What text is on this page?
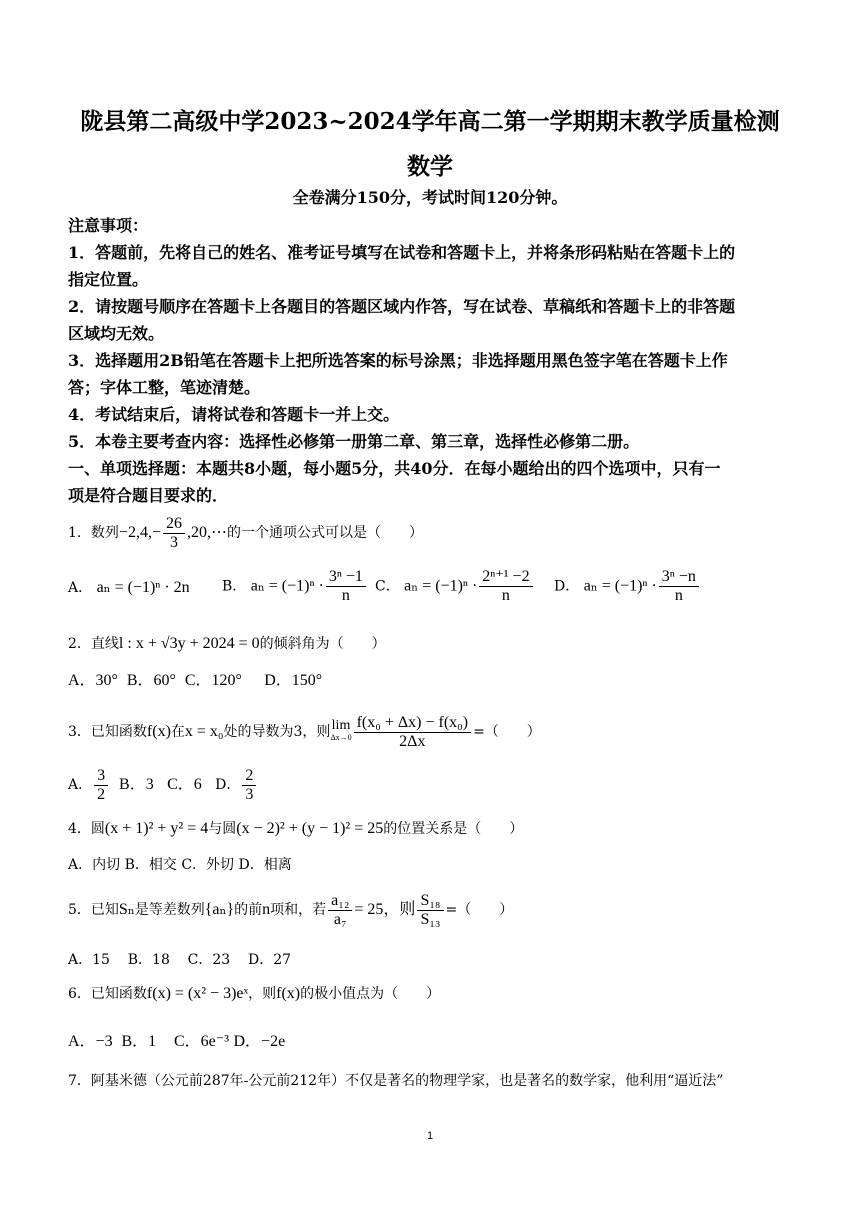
陇县第二高级中学2023~2024学年高二第一学期期末教学质量检测
数学
全卷满分150分，考试时间120分钟。
注意事项：
1．答题前，先将自己的姓名、准考证号填写在试卷和答题卡上，并将条形码粘贴在答题卡上的
指定位置。
2．请按题号顺序在答题卡上各题目的答题区域内作答，写在试卷、草稿纸和答题卡上的非答题
区域均无效。
3．选择题用2B铅笔在答题卡上把所选答案的标号涂黑；非选择题用黑色签字笔在答题卡上作
答；字体工整，笔迹清楚。
4．考试结束后，请将试卷和答题卡一并上交。
5．本卷主要考查内容：选择性必修第一册第二章、第三章，选择性必修第二册。
一、单项选择题：本题共8小题，每小题5分，共40分．在每小题给出的四个选项中，只有一
项是符合题目要求的．
1．数列$-2,4,- \frac{26}{3}$ ,20,⋯的一个通项公式可以是（　　）
A． aₙ = (−1)ⁿ · 2n B． $a_n = (-1)^n \cdot \frac{\text{3ⁿ −1}}{n}$ C． $a_n = (-1)^n \cdot \frac{\text{2ⁿ⁺¹ −2}}{n}$ D． $a_n = (-1)^n \cdot \frac{\text{3ⁿ −n}}{n}$
2．直线l : x + √3y + 2024 = 0的倾斜角为（　　）
A．30° B．60° C．120° D．150°
3．已知函数f(x)在x = x₀处的导数为3，则 lim
$\Delta x\to 0 \frac{\text{f(x₀ + Δx) − f(x₀)}}{2\Delta x}$ =（　　）
A． $\frac{3}{2}$ B．3 C．6 D． $\frac{2}{3}$
4．圆(x + 1)² + y² = 4与圆(x − 2)² + (y − 1)² = 25的位置关系是（　　）
A．内切 B．相交 C．外切 D．相离
5．已知Sₙ是等差数列{aₙ}的前n项和，若 $\frac{\text{a₁₂}}{\text{a₇}} = 25$，则 $\frac{\text{S₁₈}}{\text{S₁₃}}$ =（　　）
A．15 B．18 C．23 D．27
6．已知函数f(x) = (x² − 3)eˣ，则f(x)的极小值点为（　　）
A．−3 B．1 C．6e⁻³ D．−2e
7．阿基米德（公元前287年-公元前212年）不仅是著名的物理学家，也是著名的数学家，他利用“逼近法”
1
